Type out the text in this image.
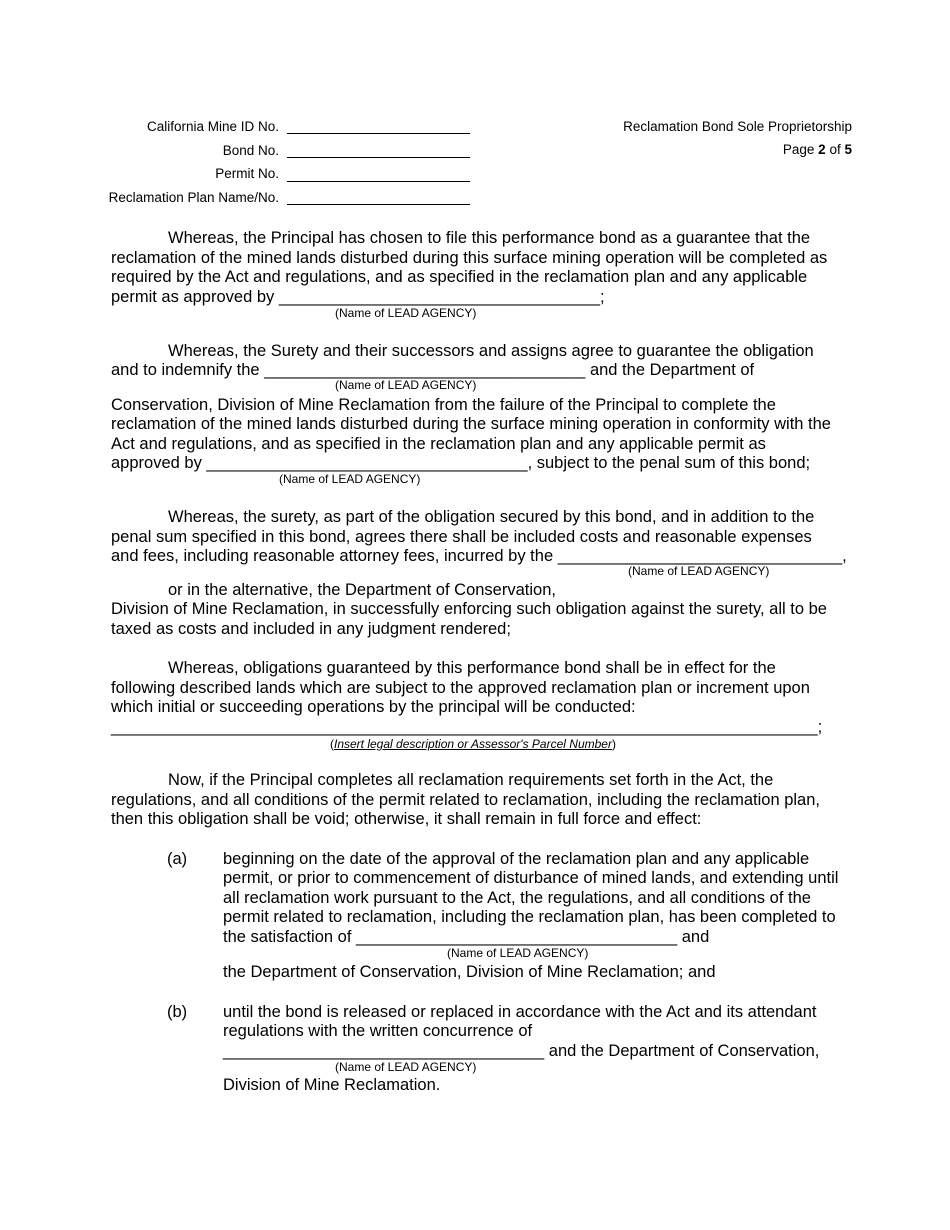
California Mine ID No.
Bond No.
Permit No.
Reclamation Plan Name/No.
Reclamation Bond Sole Proprietorship
Page 2 of 5
Whereas, the Principal has chosen to file this performance bond as a guarantee that the
reclamation of the mined lands disturbed during this surface mining operation will be completed as
required by the Act and regulations, and as specified in the reclamation plan and any applicable
permit as approved by ___________________________________;
(Name of LEAD AGENCY)
Whereas, the Surety and their successors and assigns agree to guarantee the obligation
and to indemnify the ___________________________________ and the Department of
(Name of LEAD AGENCY)
Conservation, Division of Mine Reclamation from the failure of the Principal to complete the
reclamation of the mined lands disturbed during the surface mining operation in conformity with the
Act and regulations, and as specified in the reclamation plan and any applicable permit as
approved by ___________________________________, subject to the penal sum of this bond;
(Name of LEAD AGENCY)
Whereas, the surety, as part of the obligation secured by this bond, and in addition to the
penal sum specified in this bond, agrees there shall be included costs and reasonable expenses
and fees, including reasonable attorney fees, incurred by the _______________________________,
(Name of LEAD AGENCY)
or in the alternative, the Department of Conservation,
Division of Mine Reclamation, in successfully enforcing such obligation against the surety, all to be
taxed as costs and included in any judgment rendered;
Whereas, obligations guaranteed by this performance bond shall be in effect for the
following described lands which are subject to the approved reclamation plan or increment upon
which initial or succeeding operations by the principal will be conducted:
_____________________________________________________________________________;
(Insert legal description or Assessor's Parcel Number)
Now, if the Principal completes all reclamation requirements set forth in the Act, the
regulations, and all conditions of the permit related to reclamation, including the reclamation plan,
then this obligation shall be void; otherwise, it shall remain in full force and effect:
(a) beginning on the date of the approval of the reclamation plan and any applicable
permit, or prior to commencement of disturbance of mined lands, and extending until
all reclamation work pursuant to the Act, the regulations, and all conditions of the
permit related to reclamation, including the reclamation plan, has been completed to
the satisfaction of ___________________________________ and
(Name of LEAD AGENCY)
the Department of Conservation, Division of Mine Reclamation; and
(b) until the bond is released or replaced in accordance with the Act and its attendant
regulations with the written concurrence of
___________________________________ and the Department of Conservation,
(Name of LEAD AGENCY)
Division of Mine Reclamation.
